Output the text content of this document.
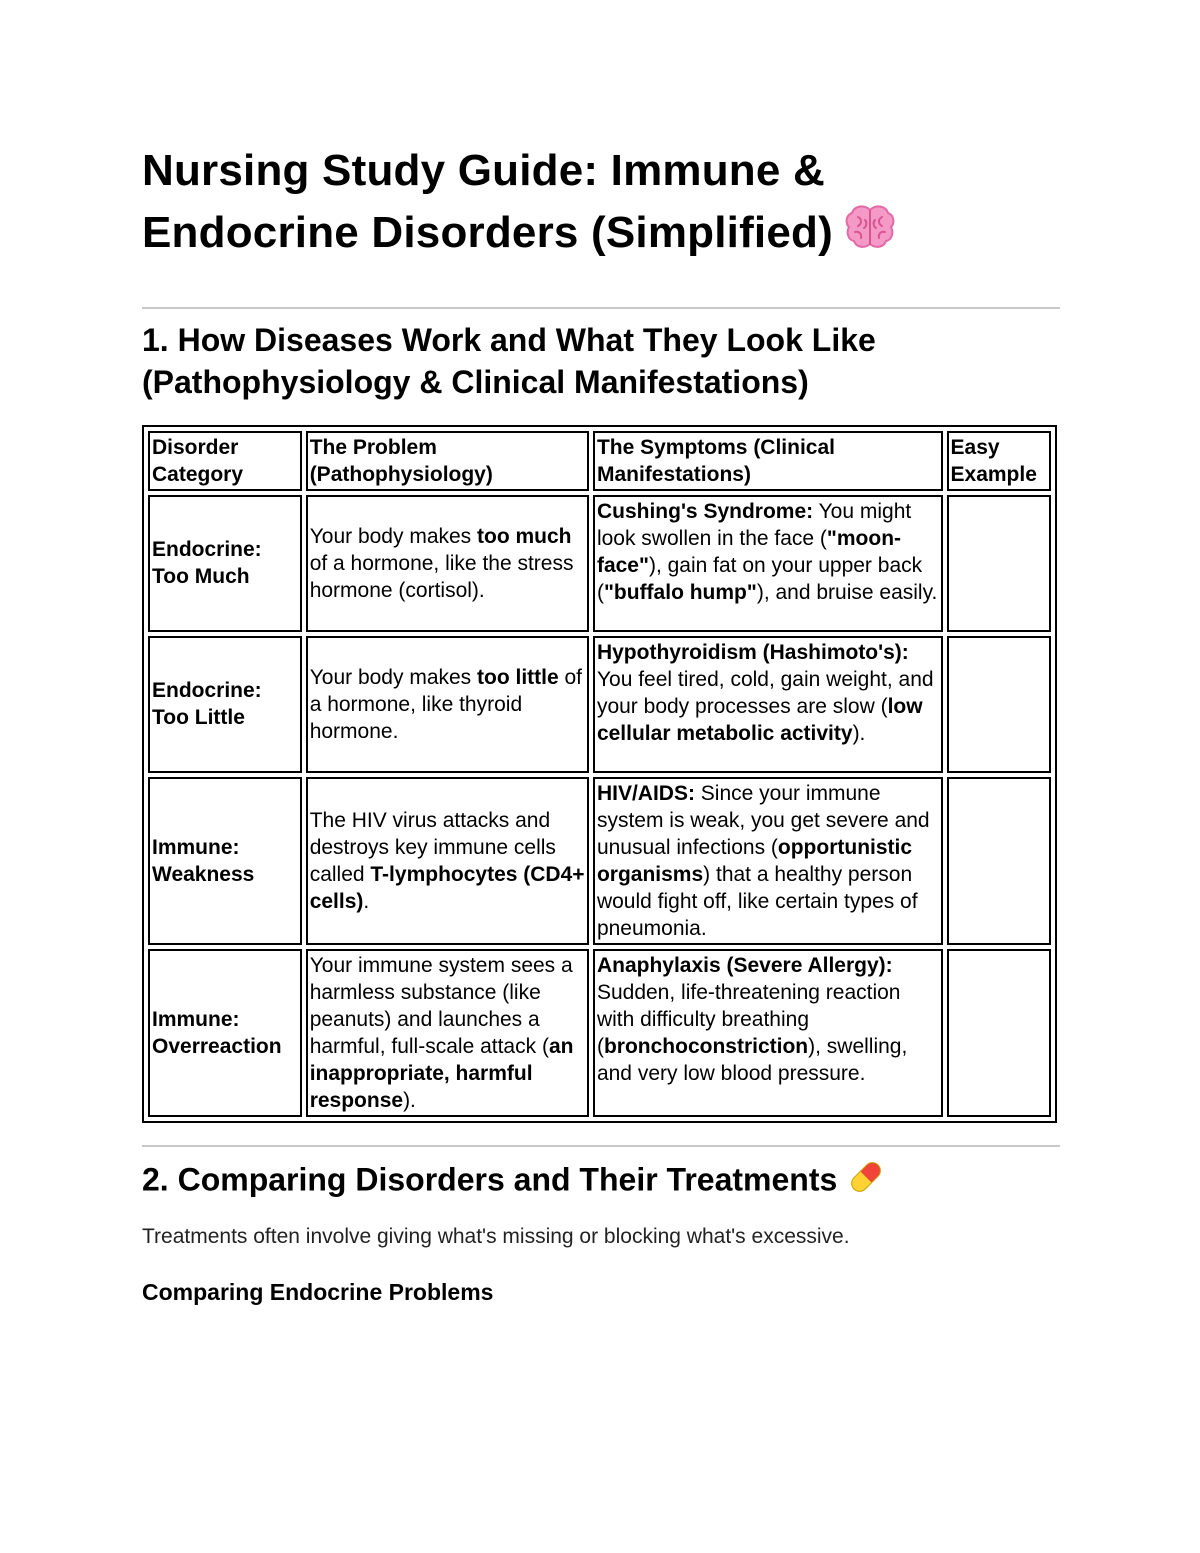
Nursing Study Guide: Immune &
Endocrine Disorders (Simplified)
1. How Diseases Work and What They Look Like
(Pathophysiology & Clinical Manifestations)
Disorder Category	The Problem (Pathophysiology)	The Symptoms (Clinical Manifestations)	Easy Example
Endocrine: Too Much	Your body makes too much of a hormone, like the stress hormone (cortisol).	Cushing's Syndrome: You might look swollen in the face ("moon-face"), gain fat on your upper back ("buffalo hump"), and bruise easily.	
Endocrine: Too Little	Your body makes too little of a hormone, like thyroid hormone.	Hypothyroidism (Hashimoto's): You feel tired, cold, gain weight, and your body processes are slow (low cellular metabolic activity).	
Immune: Weakness	The HIV virus attacks and destroys key immune cells called T-lymphocytes (CD4+ cells).	HIV/AIDS: Since your immune system is weak, you get severe and unusual infections (opportunistic organisms) that a healthy person would fight off, like certain types of pneumonia.	
Immune: Overreaction	Your immune system sees a harmless substance (like peanuts) and launches a harmful, full-scale attack (an inappropriate, harmful response).	Anaphylaxis (Severe Allergy): Sudden, life-threatening reaction with difficulty breathing (bronchoconstriction), swelling, and very low blood pressure.	
2. Comparing Disorders and Their Treatments

Treatments often involve giving what's missing or blocking what's excessive.

Comparing Endocrine Problems
